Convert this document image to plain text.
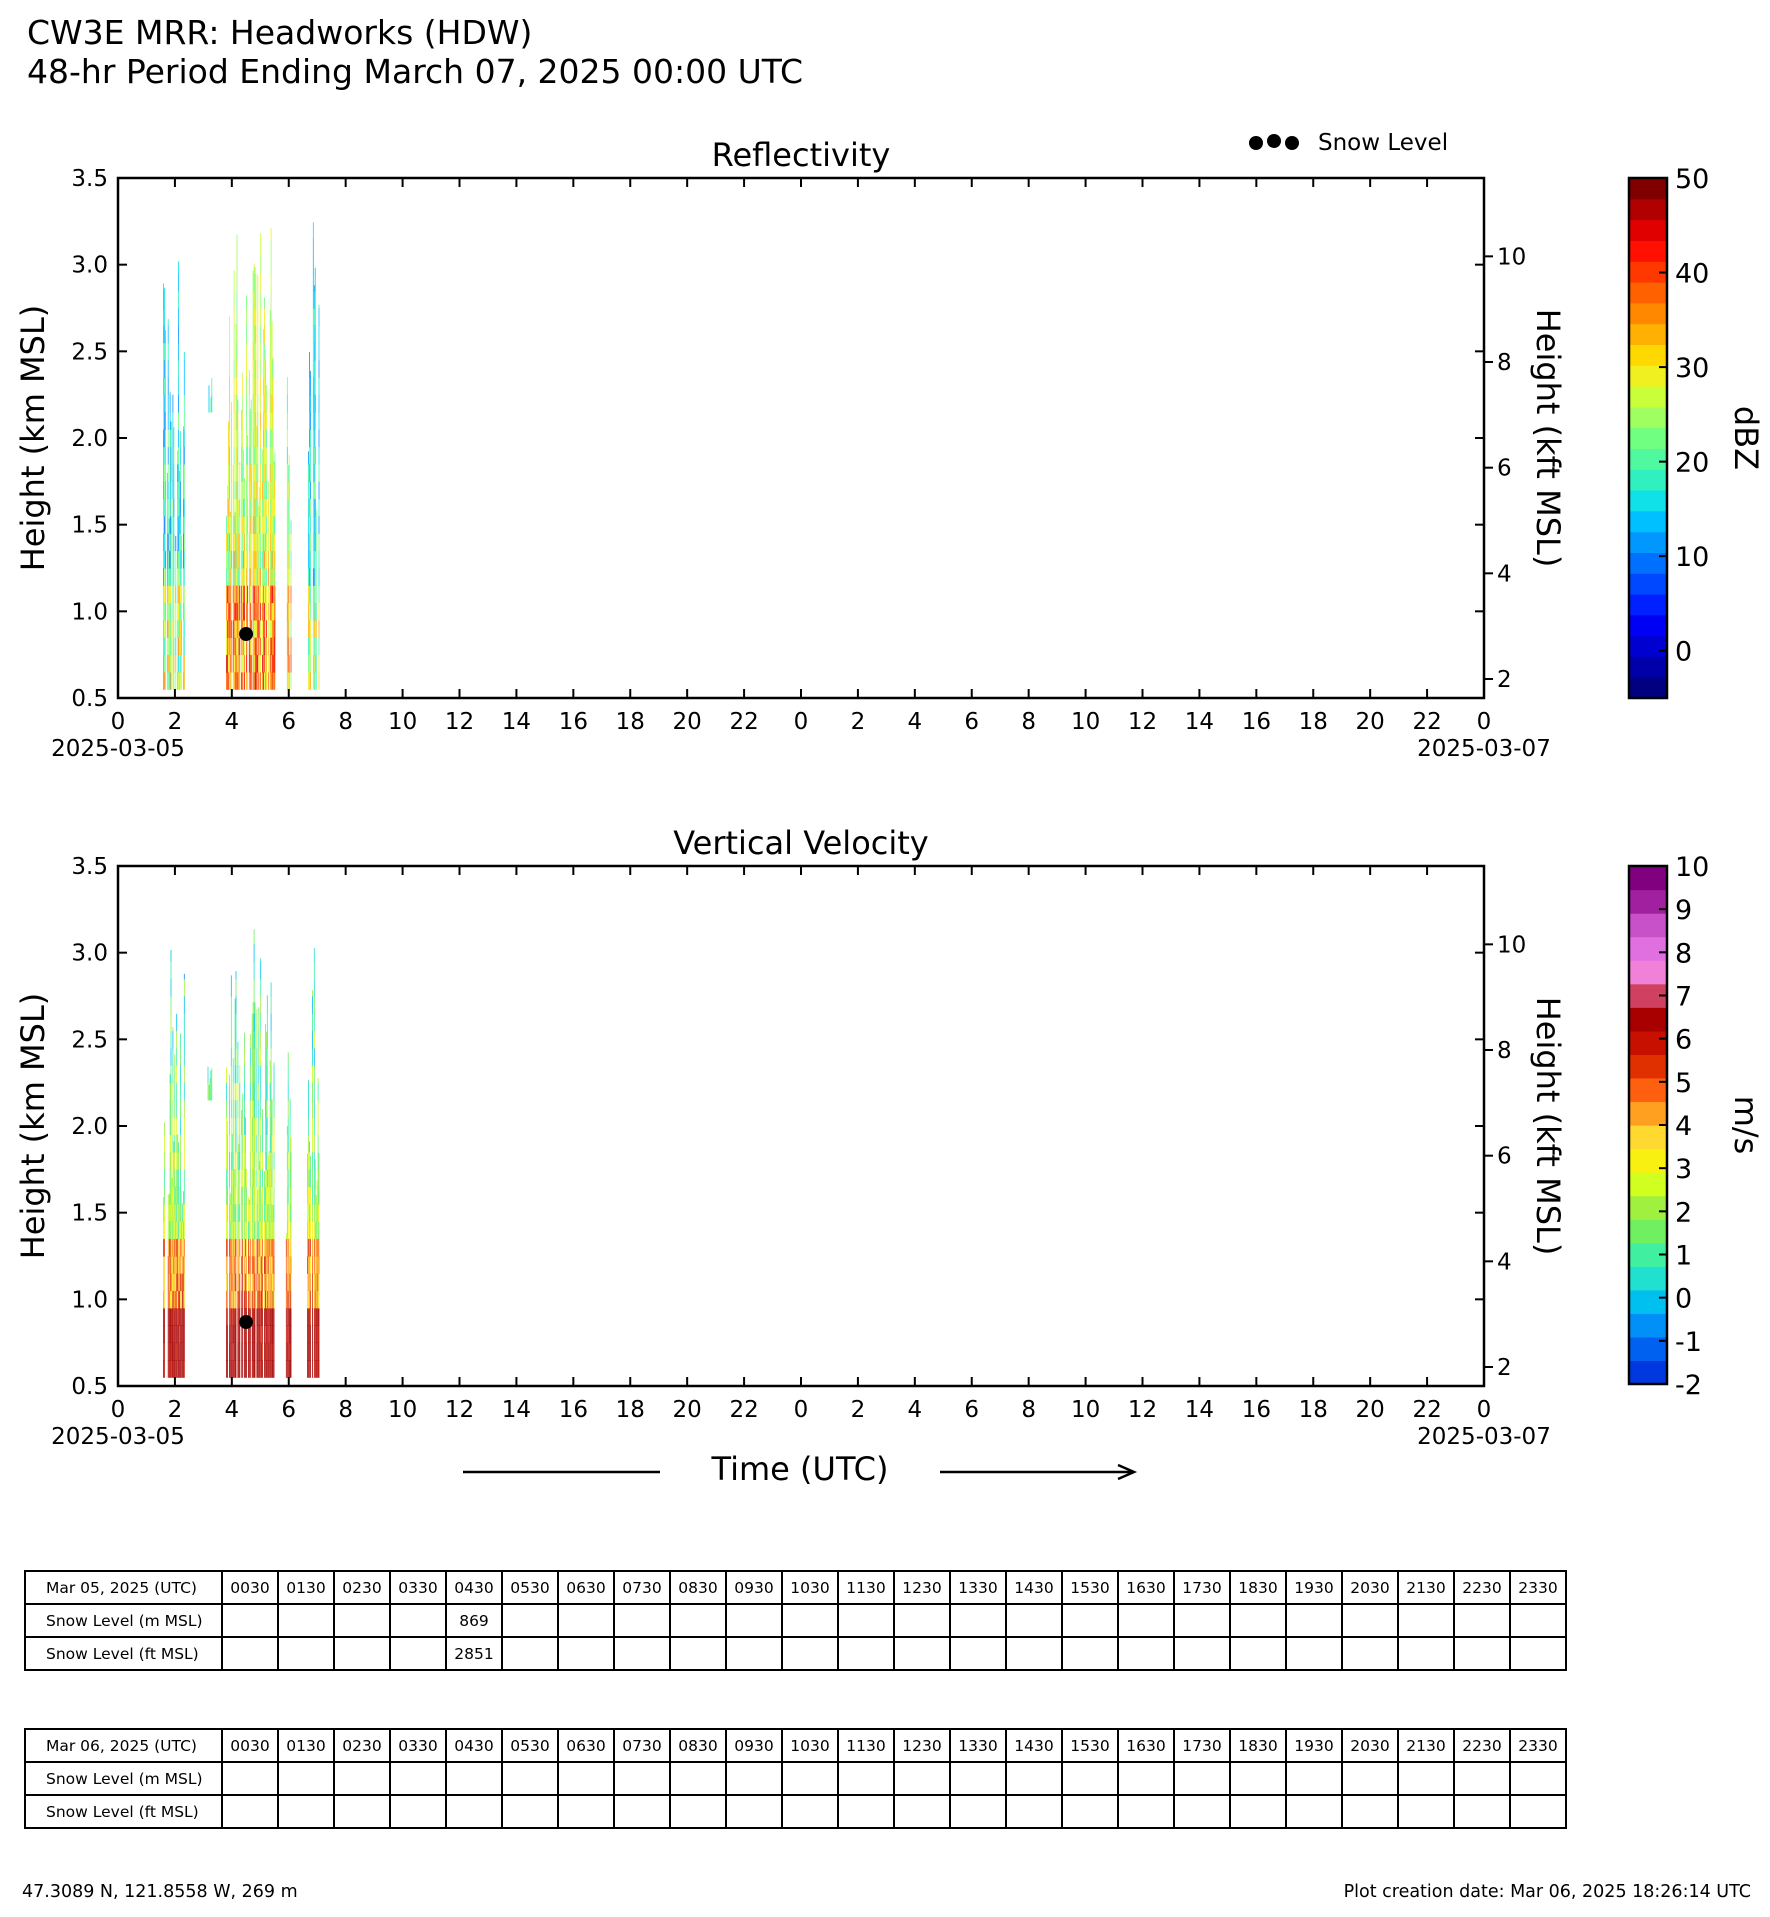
CW3E MRR: Headworks (HDW)
48-hr Period Ending March 07, 2025 00:00 UTC
Reflectivity
0.5
1.0
1.5
2.0
2.5
3.0
3.5
Height (km MSL)
2
4
6
8
10
Height (kft MSL)
0 2 4 6 8 10 12 14 16 18 20 22 0 2 4 6 8 10 12 14 16 18 20 22 0
2025-03-05	2025-03-07
Snow Level
0
10
20
30
40
50
dBZ
Vertical Velocity
0.5
1.0
1.5
2.0
2.5
3.0
3.5
Height (km MSL)
2
4
6
8
10
Height (kft MSL)
0 2 4 6 8 10 12 14 16 18 20 22 0 2 4 6 8 10 12 14 16 18 20 22 0
2025-03-05	2025-03-07
-2
-1
0
1
2
3
4
5
6
7
8
9
10
m/s
Time (UTC)
Mar 05, 2025 (UTC)	0030	0130	0230	0330	0430	0530	0630	0730	0830	0930	1030	1130	1230	1330	1430	1530	1630	1730	1830	1930	2030	2130	2230	2330
Snow Level (m MSL)					869																			
Snow Level (ft MSL)					2851																			
Mar 06, 2025 (UTC)	0030	0130	0230	0330	0430	0530	0630	0730	0830	0930	1030	1130	1230	1330	1430	1530	1630	1730	1830	1930	2030	2130	2230	2330
Snow Level (m MSL)																								
Snow Level (ft MSL)																								
47.3089 N, 121.8558 W, 269 m	Plot creation date: Mar 06, 2025 18:26:14 UTC
